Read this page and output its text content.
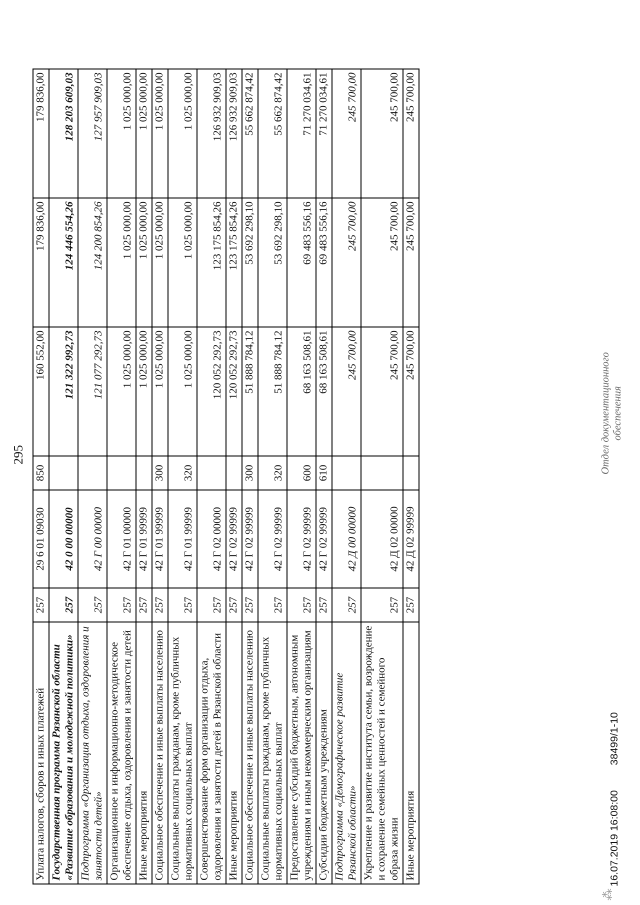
295
Уплата налогов, сборов и иных платежей	257	29 6 01 09030	850	160 552,00	179 836,00	179 836,00
Государственная программа Рязанской области «Развитие образования и молодежной политики»	257	42 0 00 00000		121 322 992,73	124 446 554,26	128 203 609,03
Подпрограмма «Организация отдыха, оздоровления и занятости детей»	257	42 Г 00 00000		121 077 292,73	124 200 854,26	127 957 909,03
Организационное и информационно-методическое обеспечение отдыха, оздоровления и занятости детей	257	42 Г 01 00000		1 025 000,00	1 025 000,00	1 025 000,00
Иные мероприятия	257	42 Г 01 99999		1 025 000,00	1 025 000,00	1 025 000,00
Социальное обеспечение и иные выплаты населению	257	42 Г 01 99999	300	1 025 000,00	1 025 000,00	1 025 000,00
Социальные выплаты гражданам, кроме публичных нормативных социальных выплат	257	42 Г 01 99999	320	1 025 000,00	1 025 000,00	1 025 000,00
Совершенствование форм организации отдыха, оздоровления и занятости детей в Рязанской области	257	42 Г 02 00000		120 052 292,73	123 175 854,26	126 932 909,03
Иные мероприятия	257	42 Г 02 99999		120 052 292,73	123 175 854,26	126 932 909,03
Социальное обеспечение и иные выплаты населению	257	42 Г 02 99999	300	51 888 784,12	53 692 298,10	55 662 874,42
Социальные выплаты гражданам, кроме публичных нормативных социальных выплат	257	42 Г 02 99999	320	51 888 784,12	53 692 298,10	55 662 874,42
Предоставление субсидий бюджетным, автономным учреждениям и иным некоммерческим организациям	257	42 Г 02 99999	600	68 163 508,61	69 483 556,16	71 270 034,61
Субсидии бюджетным учреждениям	257	42 Г 02 99999	610	68 163 508,61	69 483 556,16	71 270 034,61
Подпрограмма «Демографическое развитие Рязанской области»	257	42 Д 00 00000		245 700,00	245 700,00	245 700,00
Укрепление и развитие института семьи, возрождение и сохранение семейных ценностей и семейного образа жизни	257	42 Д 02 00000		245 700,00	245 700,00	245 700,00
Иные мероприятия	257	42 Д 02 99999		245 700,00	245 700,00	245 700,00
16.07.2019 16:08:00 38499/1-10
⁂
Отдел документационного обеспечения
